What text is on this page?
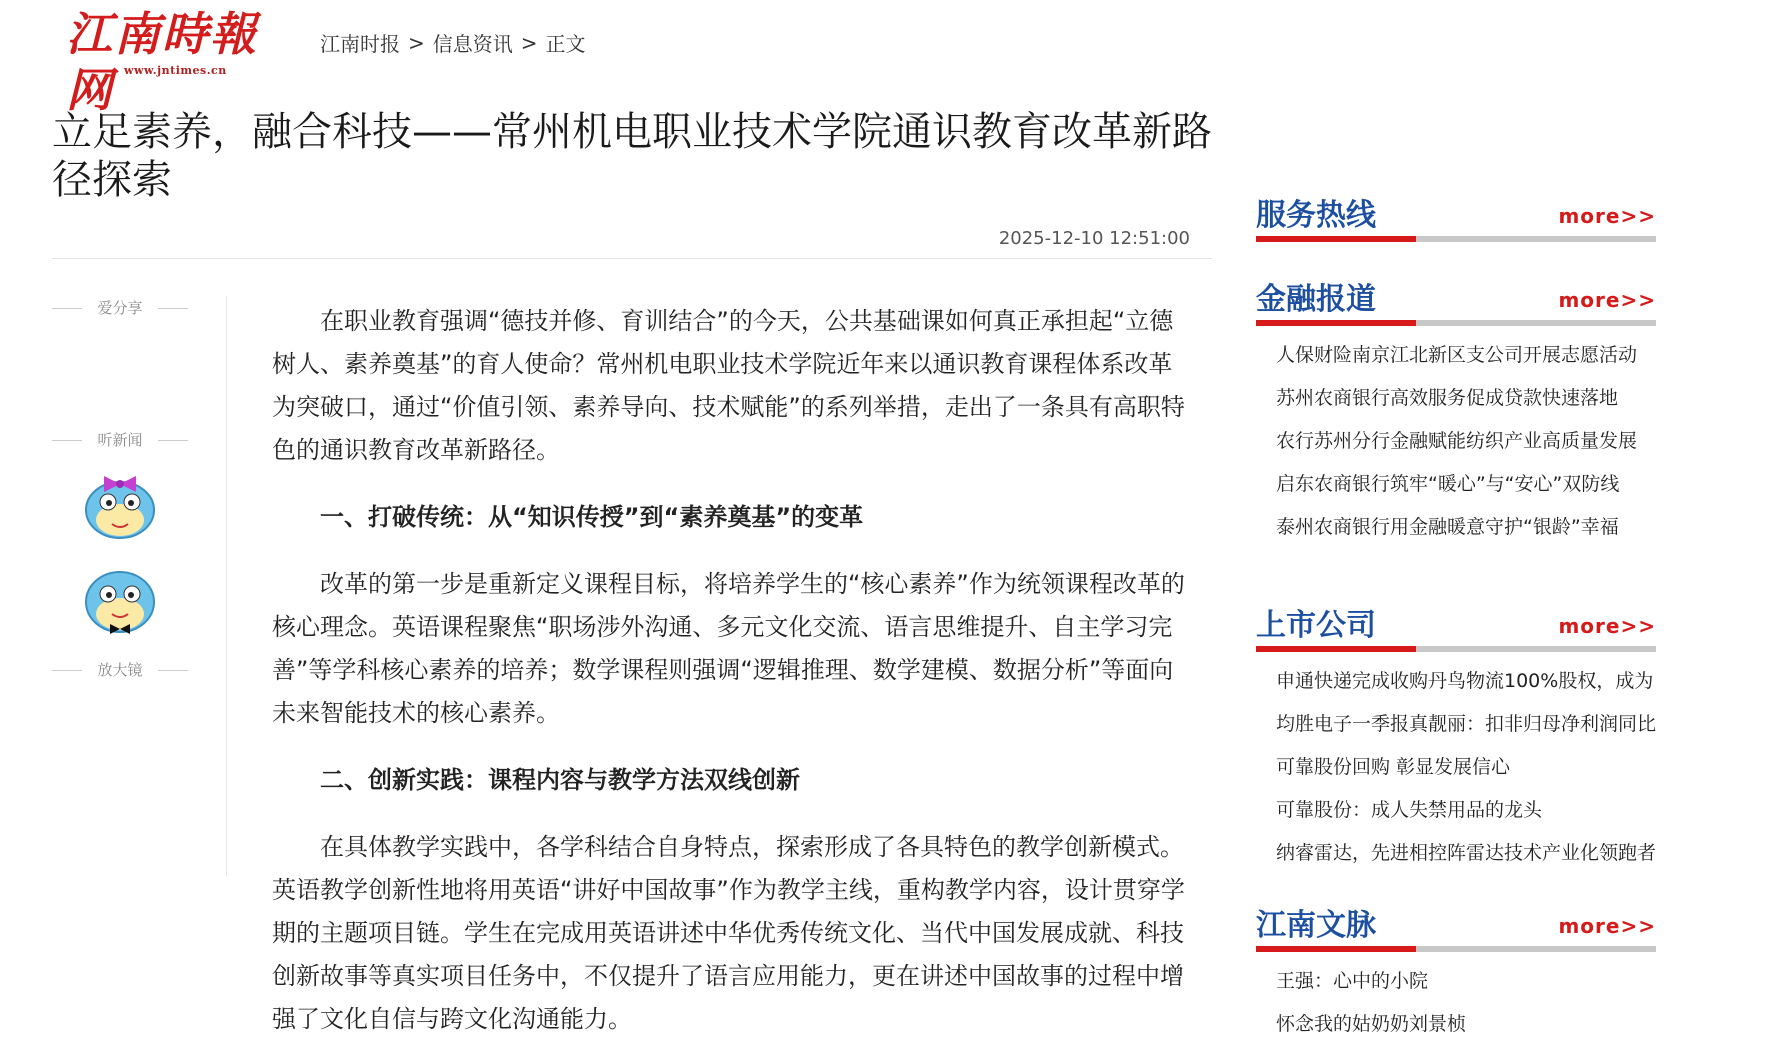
江南時報网 www.jntimes.cn
江南时报 > 信息资讯 > 正文
立足素养，融合科技——常州机电职业技术学院通识教育改革新路径探索
2025-12-10 12:51:00
爱分享
听新闻
放大镜

在职业教育强调“德技并修、育训结合”的今天，公共基础课如何真正承担起“立德树人、素养奠基”的育人使命？常州机电职业技术学院近年来以通识教育课程体系改革为突破口，通过“价值引领、素养导向、技术赋能”的系列举措，走出了一条具有高职特色的通识教育改革新路径。

一、打破传统：从“知识传授”到“素养奠基”的变革

改革的第一步是重新定义课程目标，将培养学生的“核心素养”作为统领课程改革的核心理念。英语课程聚焦“职场涉外沟通、多元文化交流、语言思维提升、自主学习完善”等学科核心素养的培养；数学课程则强调“逻辑推理、数学建模、数据分析”等面向未来智能技术的核心素养。

二、创新实践：课程内容与教学方法双线创新

在具体教学实践中，各学科结合自身特点，探索形成了各具特色的教学创新模式。英语教学创新性地将用英语“讲好中国故事”作为教学主线，重构教学内容，设计贯穿学期的主题项目链。学生在完成用英语讲述中华优秀传统文化、当代中国发展成就、科技创新故事等真实项目任务中，不仅提升了语言应用能力，更在讲述中国故事的过程中增强了文化自信与跨文化沟通能力。

服务热线	more>>
金融报道	more>>
人保财险南京江北新区支公司开展志愿活动
苏州农商银行高效服务促成贷款快速落地
农行苏州分行金融赋能纺织产业高质量发展
启东农商银行筑牢“暖心”与“安心”双防线
泰州农商银行用金融暖意守护“银龄”幸福
上市公司	more>>
申通快递完成收购丹鸟物流100%股权，成为
均胜电子一季报真靓丽：扣非归母净利润同比
可靠股份回购 彰显发展信心
可靠股份：成人失禁用品的龙头
纳睿雷达，先进相控阵雷达技术产业化领跑者
江南文脉	more>>
王强：心中的小院
怀念我的姑奶奶刘景桢
